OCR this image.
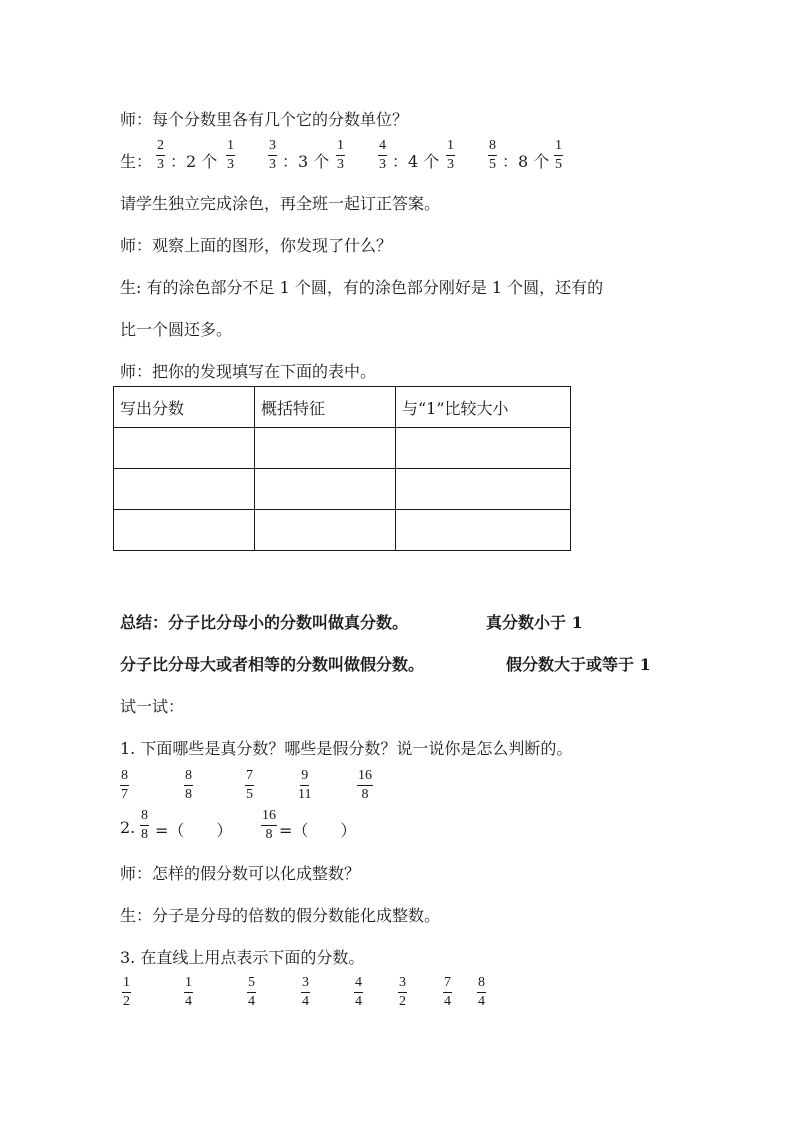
师：每个分数里各有几个它的分数单位？
生： $\frac{2}{3}$ ：2 个 $\frac{1}{3} \frac{3}{3}$ ：3 个 $\frac{1}{3} \frac{4}{3}$ ：4 个 $\frac{1}{3} \frac{8}{5}$ ：8 个 $\frac{1}{5}$
请学生独立完成涂色，再全班一起订正答案。
师：观察上面的图形，你发现了什么？
生: 有的涂色部分不足 1 个圆，有的涂色部分刚好是 1 个圆，还有的
比一个圆还多。
师：把你的发现填写在下面的表中。
写出分数	概括特征	与“1”比较大小

总结：分子比分母小的分数叫做真分数。	真分数小于 1
分子比分母大或者相等的分数叫做假分数。	假分数大于或等于 1
试一试：
1. 下面哪些是真分数？哪些是假分数？说一说你是怎么判断的。
$\frac{8}{7}$	$\frac{8}{8}$	$\frac{7}{5}$	$\frac{9}{11}$	$\frac{16}{8}$
2. $\frac{8}{8}$ =（　　） $\frac{16}{8}$ =（　　）
师：怎样的假分数可以化成整数？
生：分子是分母的倍数的假分数能化成整数。
3. 在直线上用点表示下面的分数。
$\frac{1}{2}$	$\frac{1}{4}$	$\frac{5}{4}$	$\frac{3}{4}$	$\frac{4}{4}$	$\frac{3}{2}$	$\frac{7}{4} \frac{8}{4}$
